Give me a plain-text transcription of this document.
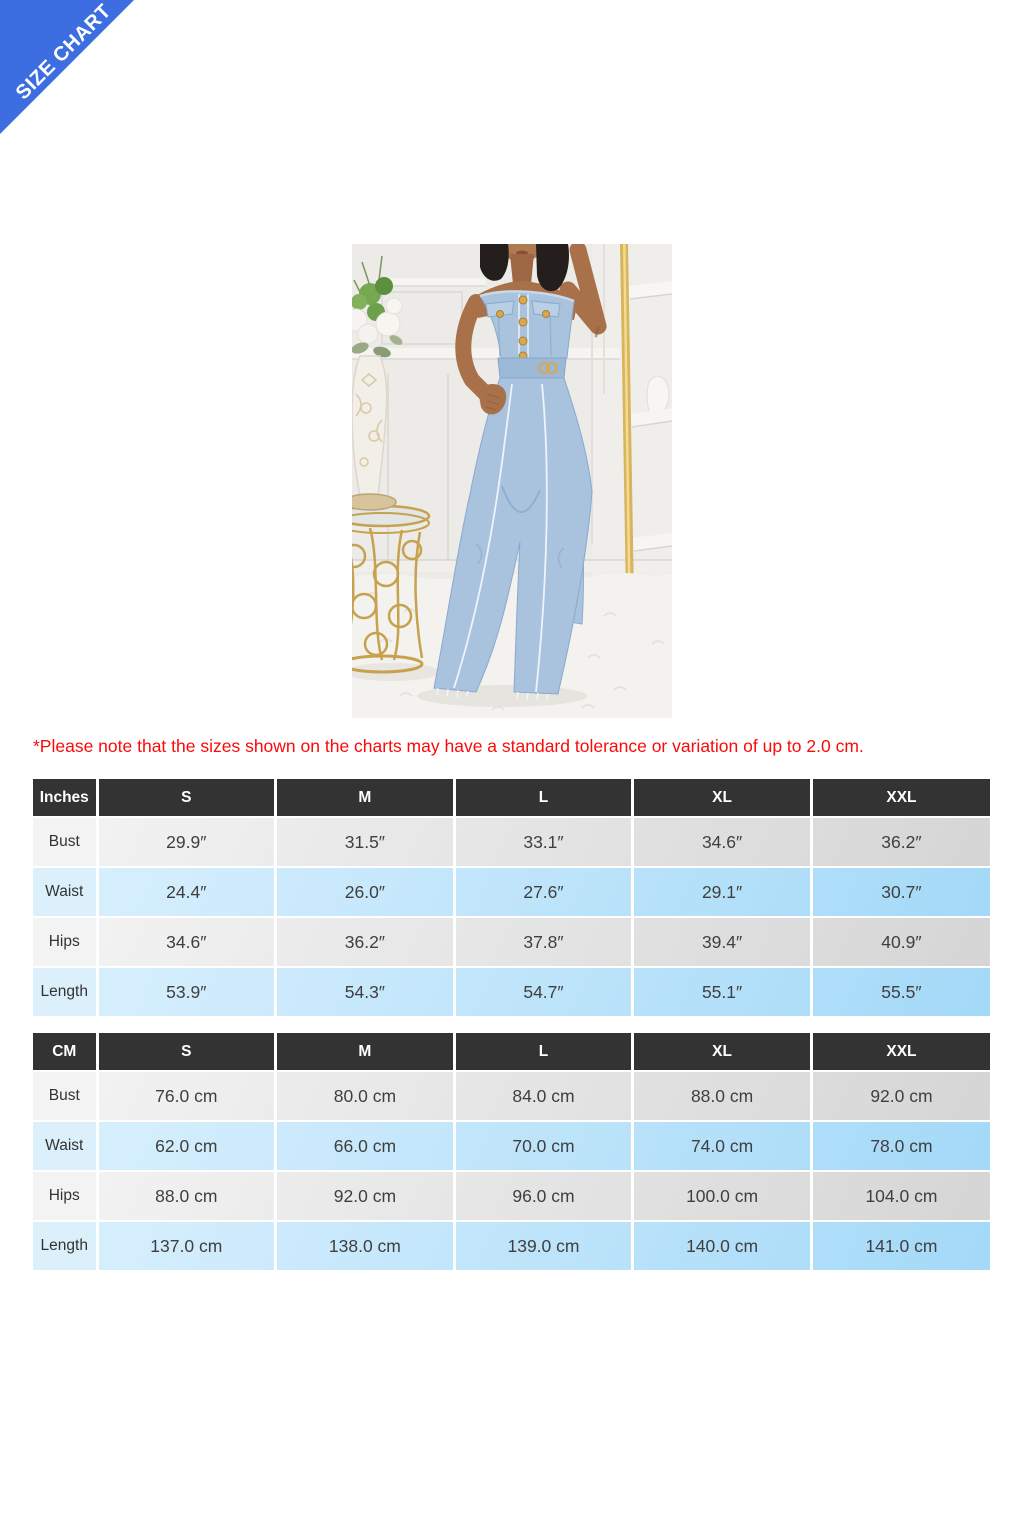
SIZE CHART
*Please note that the sizes shown on the charts may have a standard tolerance or variation of up to 2.0 cm.
Inches	S	M	L	XL	XXL
Bust	29.9″	31.5″	33.1″	34.6″	36.2″
Waist	24.4″	26.0″	27.6″	29.1″	30.7″
Hips	34.6″	36.2″	37.8″	39.4″	40.9″
Length	53.9″	54.3″	54.7″	55.1″	55.5″
CM	S	M	L	XL	XXL
Bust	76.0 cm	80.0 cm	84.0 cm	88.0 cm	92.0 cm
Waist	62.0 cm	66.0 cm	70.0 cm	74.0 cm	78.0 cm
Hips	88.0 cm	92.0 cm	96.0 cm	100.0 cm	104.0 cm
Length	137.0 cm	138.0 cm	139.0 cm	140.0 cm	141.0 cm
